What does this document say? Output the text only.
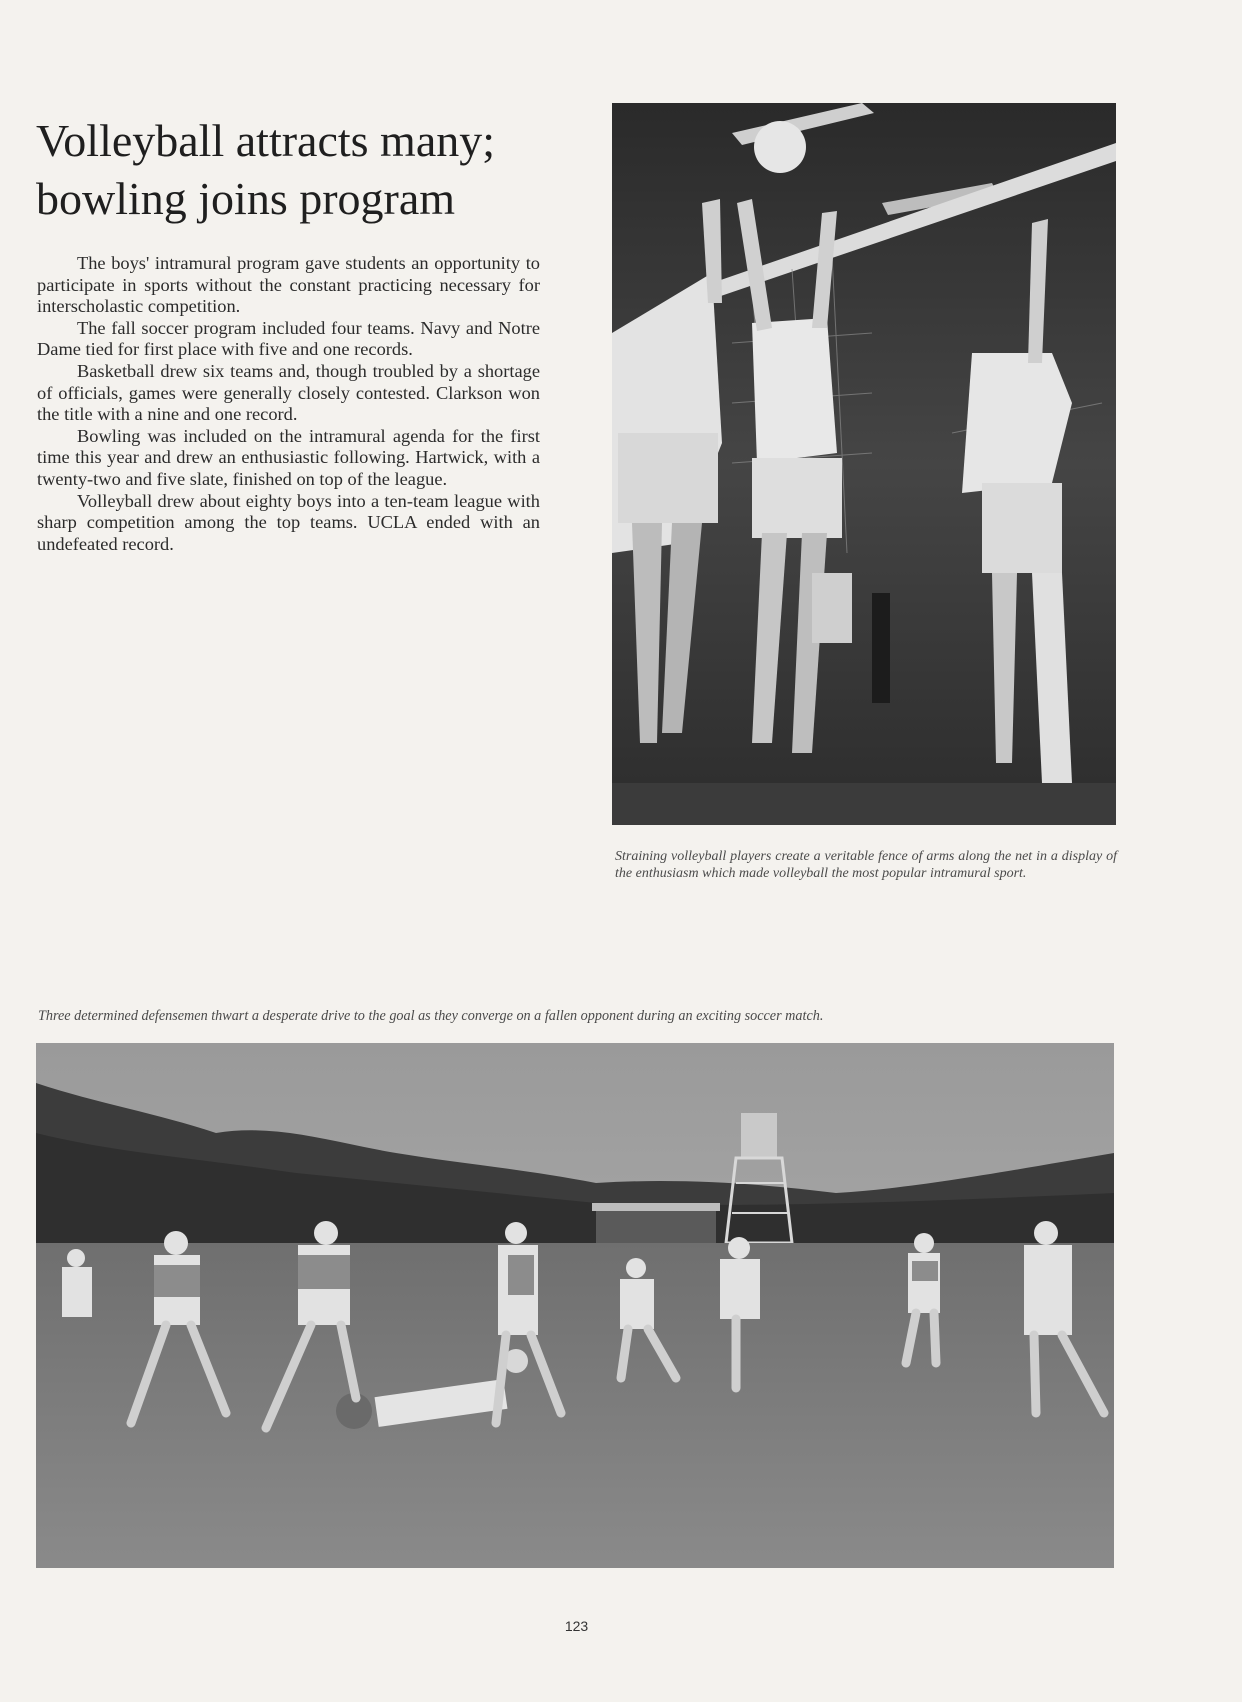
Volleyball attracts many;
bowling joins program

The boys' intramural program gave students an opportunity to participate in sports without the constant practicing necessary for interscholastic competition.

The fall soccer program included four teams. Navy and Notre Dame tied for first place with five and one records.

Basketball drew six teams and, though troubled by a shortage of officials, games were generally closely contested. Clarkson won the title with a nine and one record.

Bowling was included on the intramural agenda for the first time this year and drew an enthusiastic following. Hartwick, with a twenty-two and five slate, finished on top of the league.

Volleyball drew about eighty boys into a ten-team league with sharp competition among the top teams. UCLA ended with an undefeated record.

Straining volleyball players create a veritable fence of arms along the net in a display of the enthusiasm which made volleyball the most popular intramural sport.

Three determined defensemen thwart a desperate drive to the goal as they converge on a fallen opponent during an exciting soccer match.

123
